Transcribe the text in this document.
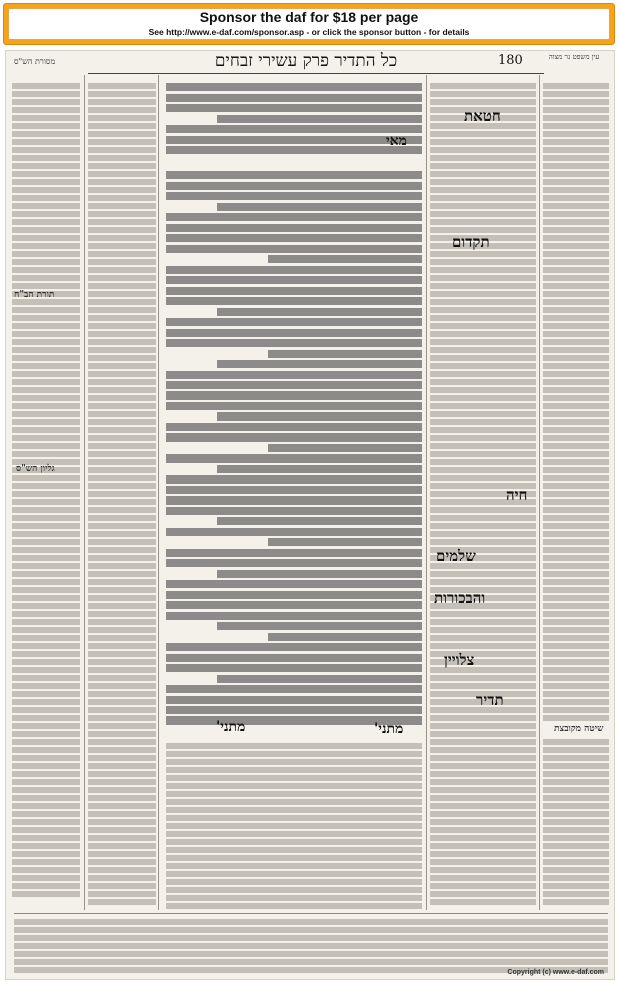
Sponsor the daf for $18 per page
See http://www.e-daf.com/sponsor.asp - or click the sponsor button - for details
מסורת הש"ס	כל התדיר פרק עשירי זבחים	180	עין משפט נר מצוה
תורת הב"ח
גליון הש"ס
מאי
מתני'
מתני'
חטאת
תקדום
חיה
שלמים
והבכורות
צלויין
תדיר
שיטה מקובצת
Copyright (c) www.e-daf.com
